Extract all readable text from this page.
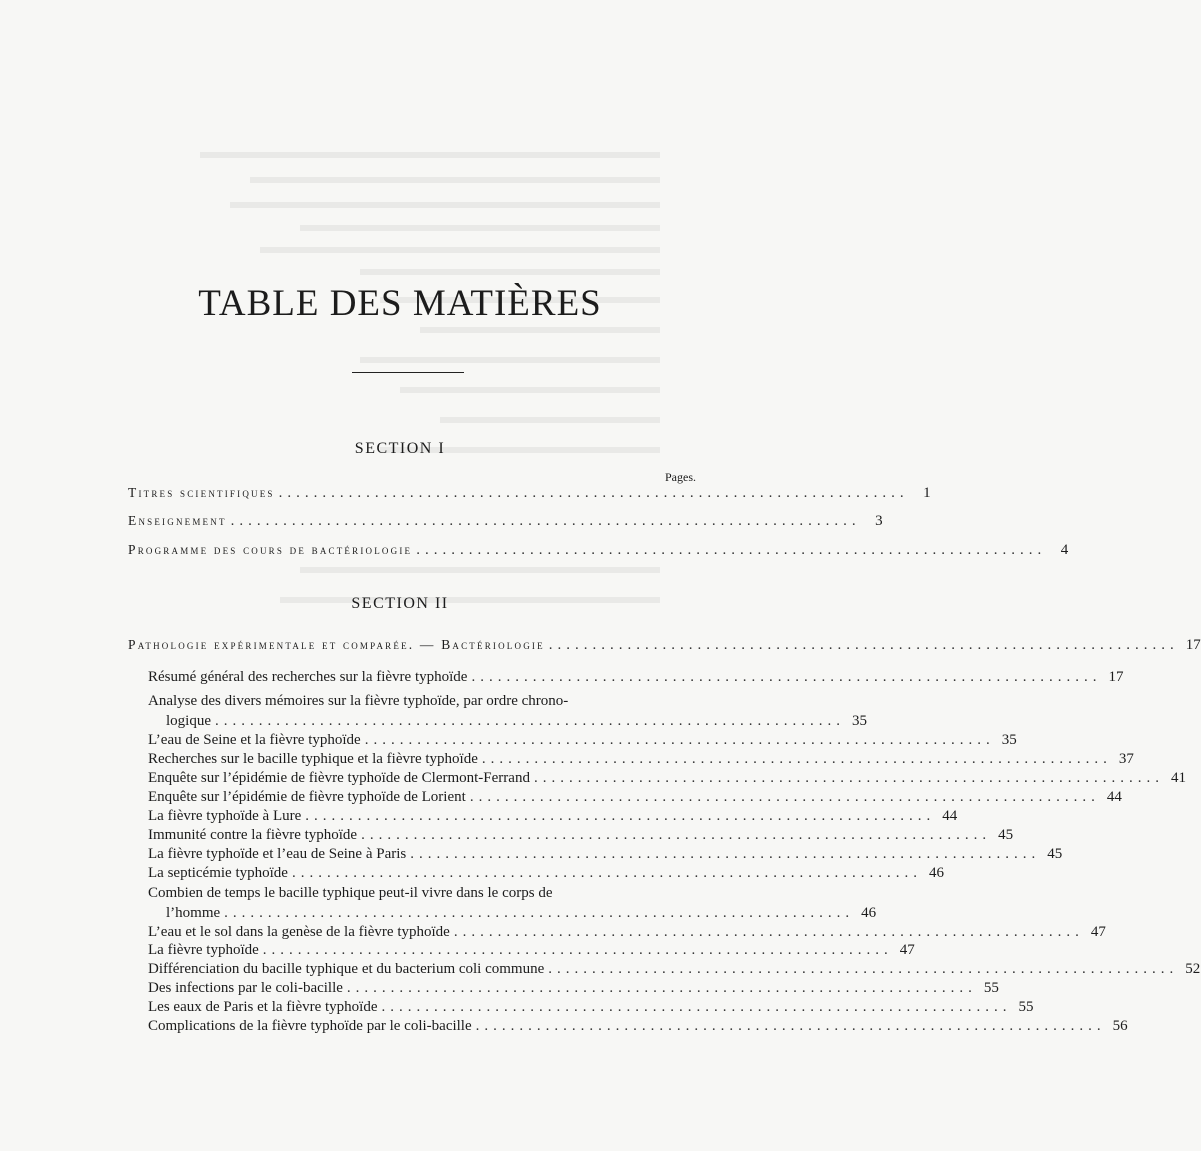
TABLE DES MATIÈRES
SECTION I
Pages.
Titres scientifiques ........................................................................ 1
Enseignement ........................................................................ 3
Programme des cours de bactériologie ........................................................................ 4
SECTION II
Pathologie expérimentale et comparée. — Bactériologie ........................................................................ 17
Résumé général des recherches sur la fièvre typhoïde ........................................................................ 17
Analyse des divers mémoires sur la fièvre typhoïde, par ordre chrono-
logique ........................................................................ 35
L’eau de Seine et la fièvre typhoïde ........................................................................ 35
Recherches sur le bacille typhique et la fièvre typhoïde ........................................................................ 37
Enquête sur l’épidémie de fièvre typhoïde de Clermont-Ferrand ........................................................................ 41
Enquête sur l’épidémie de fièvre typhoïde de Lorient ........................................................................ 44
La fièvre typhoïde à Lure ........................................................................ 44
Immunité contre la fièvre typhoïde ........................................................................ 45
La fièvre typhoïde et l’eau de Seine à Paris ........................................................................ 45
La septicémie typhoïde ........................................................................ 46
Combien de temps le bacille typhique peut-il vivre dans le corps de
l’homme ........................................................................ 46
L’eau et le sol dans la genèse de la fièvre typhoïde ........................................................................ 47
La fièvre typhoïde ........................................................................ 47
Différenciation du bacille typhique et du bacterium coli commune ........................................................................ 52
Des infections par le coli-bacille ........................................................................ 55
Les eaux de Paris et la fièvre typhoïde ........................................................................ 55
Complications de la fièvre typhoïde par le coli-bacille ........................................................................ 56
